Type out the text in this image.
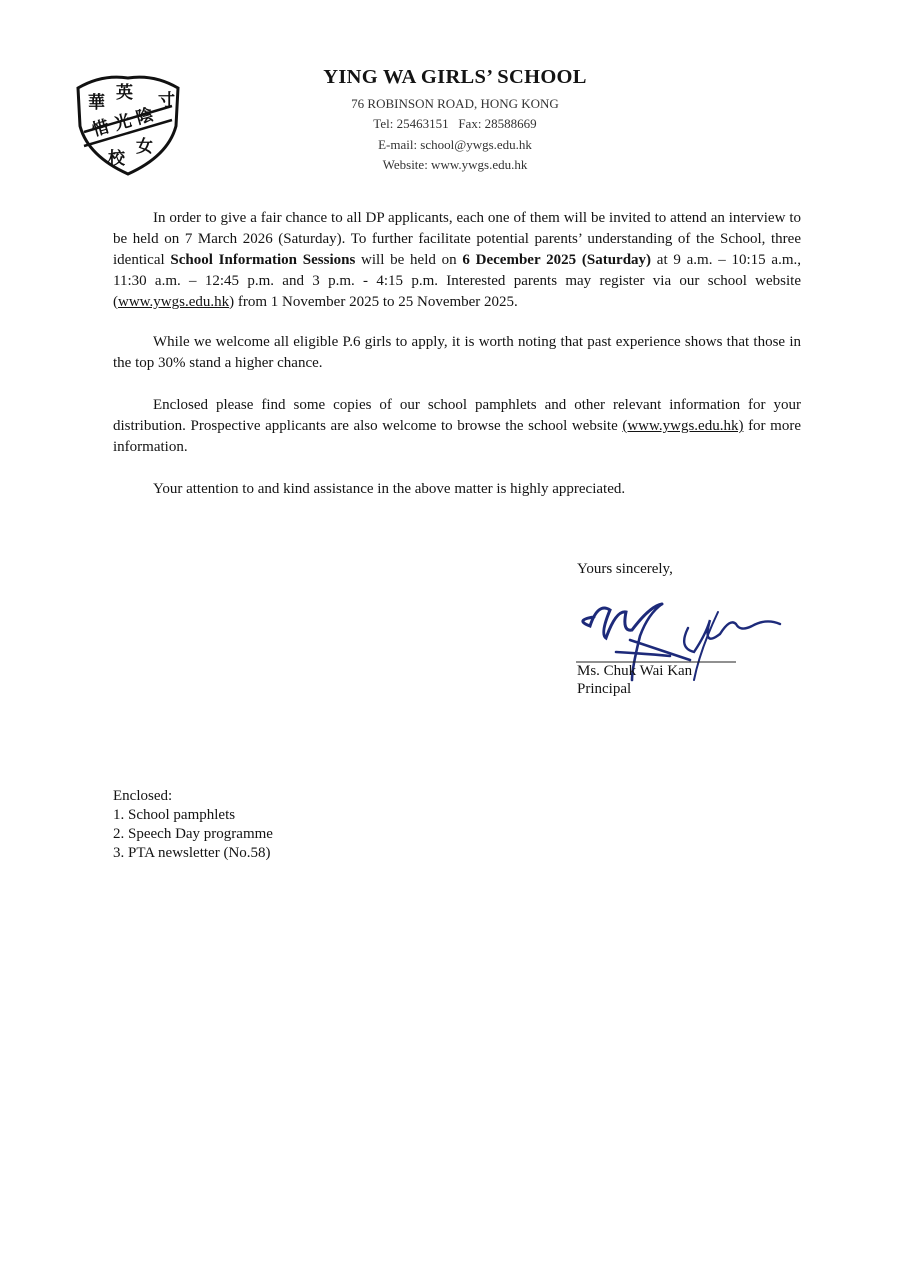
華 英 寸
惜 光 陰
校
女
YING WA GIRLS’ SCHOOL
76 ROBINSON ROAD, HONG KONG
Tel: 25463151   Fax: 28588669
E-mail: school@ywgs.edu.hk
Website: www.ywgs.edu.hk

In order to give a fair chance to all DP applicants, each one of them will be invited to attend an interview to be held on 7 March 2026 (Saturday). To further facilitate potential parents’ understanding of the School, three identical School Information Sessions will be held on 6 December 2025 (Saturday) at 9 a.m. – 10:15 a.m., 11:30 a.m. – 12:45 p.m. and 3 p.m. - 4:15 p.m. Interested parents may register via our school website (www.ywgs.edu.hk) from 1 November 2025 to 25 November 2025.

While we welcome all eligible P.6 girls to apply, it is worth noting that past experience shows that those in the top 30% stand a higher chance.

Enclosed please find some copies of our school pamphlets and other relevant information for your distribution. Prospective applicants are also welcome to browse the school website (www.ywgs.edu.hk) for more information.

Your attention to and kind assistance in the above matter is highly appreciated.

Yours sincerely,
Ms. Chuk Wai Kan
Principal
Enclosed:
1. School pamphlets
2. Speech Day programme
3. PTA newsletter (No.58)
